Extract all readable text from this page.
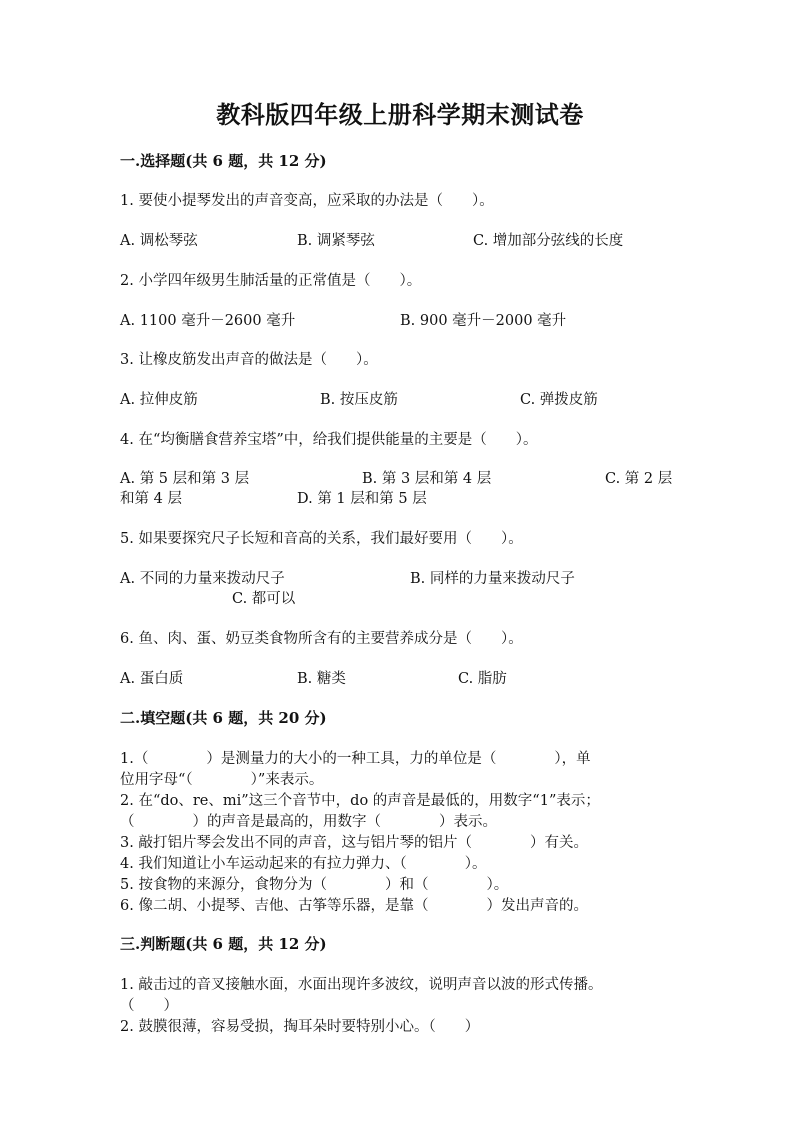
教科版四年级上册科学期末测试卷
一.选择题(共 6 题，共 12 分)
1. 要使小提琴发出的声音变高，应采取的办法是（　　）。
A. 调松琴弦	B. 调紧琴弦	C. 增加部分弦线的长度
2. 小学四年级男生肺活量的正常值是（　　）。
A. 1100 毫升－2600 毫升	B. 900 毫升－2000 毫升
3. 让橡皮筋发出声音的做法是（　　）。
A. 拉伸皮筋	B. 按压皮筋	C. 弹拨皮筋
4. 在“均衡膳食营养宝塔”中，给我们提供能量的主要是（　　）。
A. 第 5 层和第 3 层	B. 第 3 层和第 4 层	C. 第 2 层
和第 4 层	D. 第 1 层和第 5 层
5. 如果要探究尺子长短和音高的关系，我们最好要用（　　）。
A. 不同的力量来拨动尺子	B. 同样的力量来拨动尺子
C. 都可以
6. 鱼、肉、蛋、奶豆类食物所含有的主要营养成分是（　　）。
A. 蛋白质	B. 糖类	C. 脂肪
二.填空题(共 6 题，共 20 分)
1.（　　　　）是测量力的大小的一种工具，力的单位是（　　　　），单
位用字母“（　　　　）”来表示。
2. 在“do、re、mi”这三个音节中，do 的声音是最低的，用数字“1”表示；
（　　　　）的声音是最高的，用数字（　　　　）表示。
3. 敲打铝片琴会发出不同的声音，这与铝片琴的铝片（　　　　）有关。
4. 我们知道让小车运动起来的有拉力弹力、（　　　　）。
5. 按食物的来源分，食物分为（　　　　）和（　　　　）。
6. 像二胡、小提琴、吉他、古筝等乐器，是靠（　　　　）发出声音的。
三.判断题(共 6 题，共 12 分)
1. 敲击过的音叉接触水面，水面出现许多波纹，说明声音以波的形式传播。
（　　）
2. 鼓膜很薄，容易受损，掏耳朵时要特别小心。（　　）
